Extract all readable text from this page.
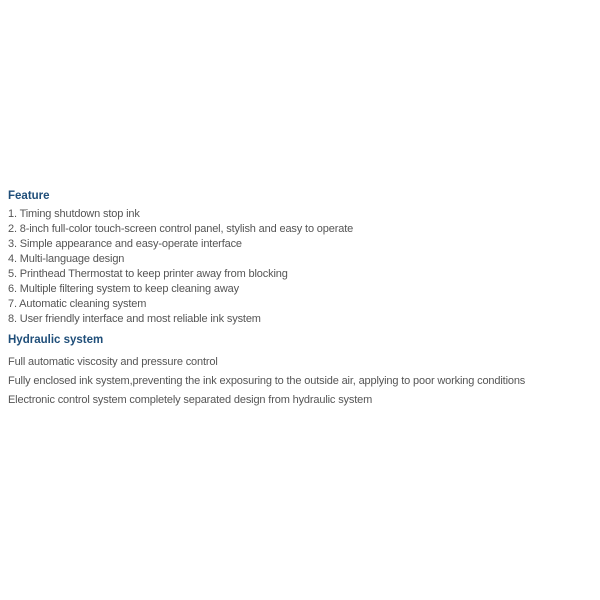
Feature
1. Timing shutdown stop ink
2. 8-inch full-color touch-screen control panel, stylish and easy to operate
3. Simple appearance and easy-operate interface
4. Multi-language design
5. Printhead Thermostat to keep printer away from blocking
6. Multiple filtering system to keep cleaning away
7. Automatic cleaning system
8. User friendly interface and most reliable ink system
Hydraulic system
Full automatic viscosity and pressure control
Fully enclosed ink system,preventing the ink exposuring to the outside air, applying to poor working conditions
Electronic control system completely separated design from hydraulic system
